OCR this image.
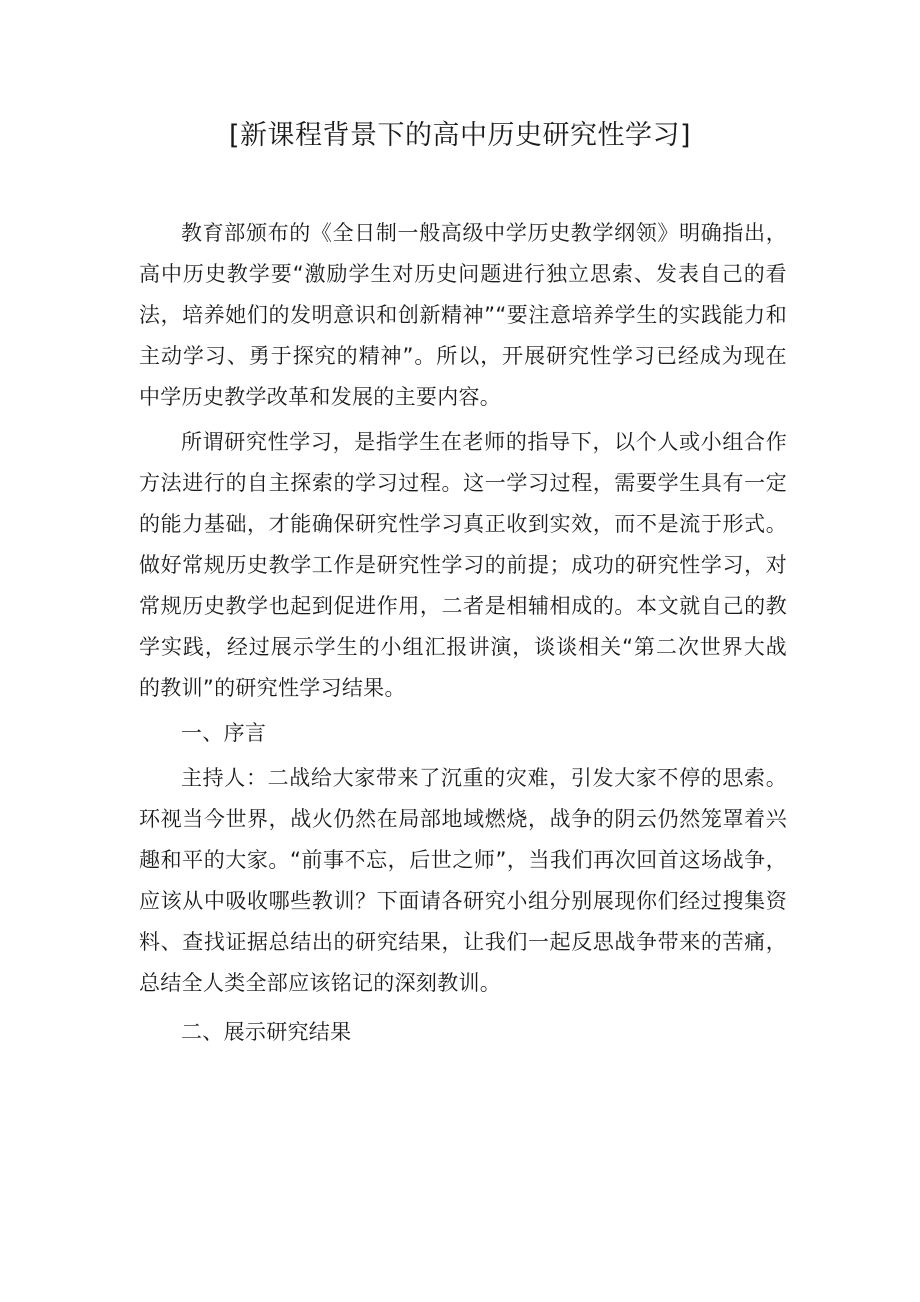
[新课程背景下的高中历史研究性学习]

教育部颁布的《全日制一般高级中学历史教学纲领》明确指出，高中历史教学要“激励学生对历史问题进行独立思索、发表自己的看法，培养她们的发明意识和创新精神”“要注意培养学生的实践能力和主动学习、勇于探究的精神”。所以，开展研究性学习已经成为现在中学历史教学改革和发展的主要内容。

所谓研究性学习，是指学生在老师的指导下，以个人或小组合作方法进行的自主探索的学习过程。这一学习过程，需要学生具有一定的能力基础，才能确保研究性学习真正收到实效，而不是流于形式。做好常规历史教学工作是研究性学习的前提；成功的研究性学习，对常规历史教学也起到促进作用，二者是相辅相成的。本文就自己的教学实践，经过展示学生的小组汇报讲演，谈谈相关“第二次世界大战的教训”的研究性学习结果。

一、序言

主持人：二战给大家带来了沉重的灾难，引发大家不停的思索。环视当今世界，战火仍然在局部地域燃烧，战争的阴云仍然笼罩着兴趣和平的大家。“前事不忘，后世之师”，当我们再次回首这场战争，应该从中吸收哪些教训？下面请各研究小组分别展现你们经过搜集资料、查找证据总结出的研究结果，让我们一起反思战争带来的苦痛，总结全人类全部应该铭记的深刻教训。

二、展示研究结果
